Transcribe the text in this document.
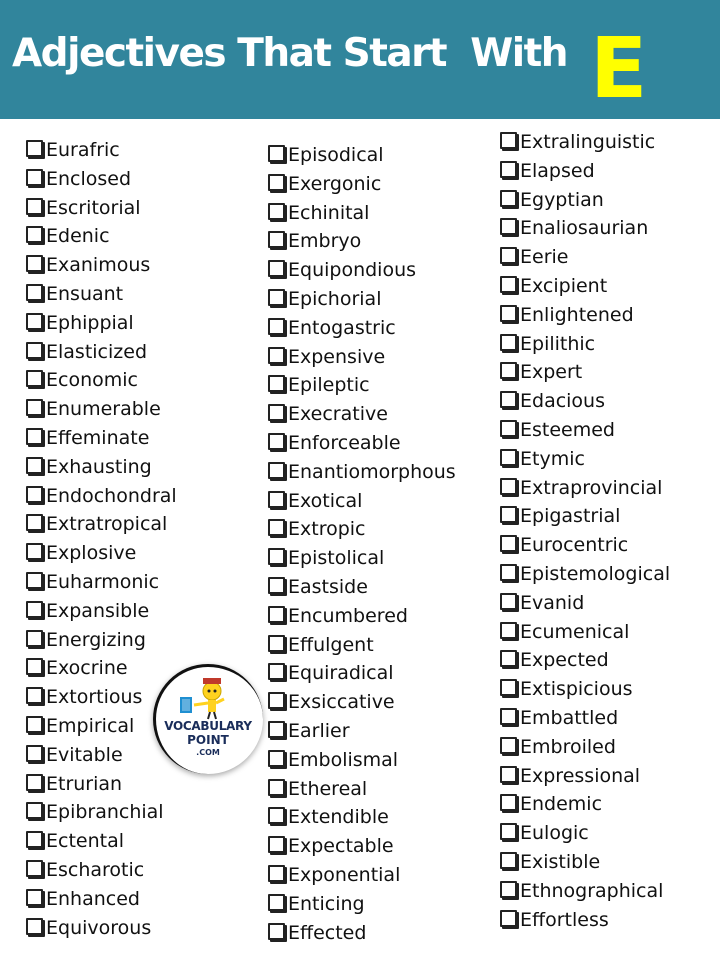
Adjectives That Start  With E
Eurafric
Enclosed
Escritorial
Edenic
Exanimous
Ensuant
Ephippial
Elasticized
Economic
Enumerable
Effeminate
Exhausting
Endochondral
Extratropical
Explosive
Euharmonic
Expansible
Energizing
Exocrine
Extortious
Empirical
Evitable
Etrurian
Epibranchial
Ectental
Escharotic
Enhanced
Equivorous
Episodical
Exergonic
Echinital
Embryo
Equipondious
Epichorial
Entogastric
Expensive
Epileptic
Execrative
Enforceable
Enantiomorphous
Exotical
Extropic
Epistolical
Eastside
Encumbered
Effulgent
Equiradical
Exsiccative
Earlier
Embolismal
Ethereal
Extendible
Expectable
Exponential
Enticing
Effected
Extralinguistic
Elapsed
Egyptian
Enaliosaurian
Eerie
Excipient
Enlightened
Epilithic
Expert
Edacious
Esteemed
Etymic
Extraprovincial
Epigastrial
Eurocentric
Epistemological
Evanid
Ecumenical
Expected
Extispicious
Embattled
Embroiled
Expressional
Endemic
Eulogic
Existible
Ethnographical
Effortless
VOCABULARY
POINT
.COM
